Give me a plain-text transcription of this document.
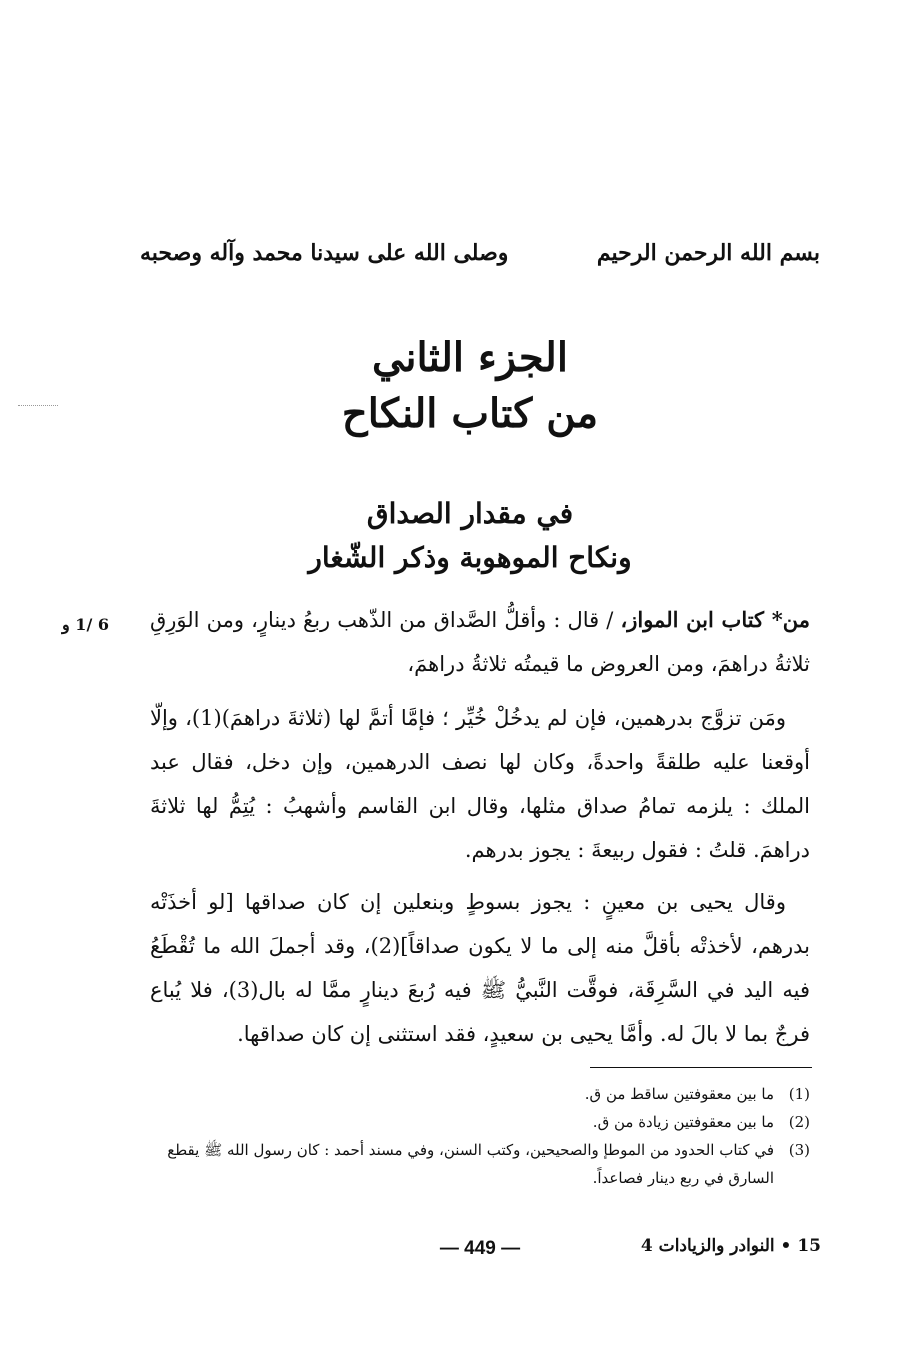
بسم الله الرحمن الرحيم
وصلى الله على سيدنا محمد وآله وصحبه
الجزء الثاني
من كتاب النكاح
في مقدار الصداق
ونكاح الموهوبة وذكر الشّغار
6 /1 و	من* كتاب ابن المواز، / قال : وأقلُّ الصَّداق من الذّهب ربعُ دينارٍ، ومن الوَرِقِ ثلاثةُ دراهمَ، ومن العروض ما قيمتُه ثلاثةُ دراهمَ،
ومَن تزوَّج بدرهمين، فإن لم يدخُلْ خُيِّر ؛ فإمَّا أتمَّ لها (ثلاثةَ دراهمَ)(1)، وإلّا أوقعنا عليه طلقةً واحدةً، وكان لها نصف الدرهمين، وإن دخل، فقال عبد الملك : يلزمه تمامُ صداق مثلها، وقال ابن القاسم وأشهبُ : يُتِمُّ لها ثلاثةَ دراهمَ. قلتُ : فقول ربيعةَ : يجوز بدرهم.
وقال يحيى بن معينٍ : يجوز بسوطٍ وبنعلين إن كان صداقها [لو أخذَتْه بدرهم، لأخذتْه بأقلَّ منه إلى ما لا يكون صداقاً](2)، وقد أجملَ الله ما تُقْطَعُ فيه اليد في السَّرِقَة، فوقَّت النَّبيُّ ﷺ فيه رُبعَ دينارٍ ممَّا له بال(3)، فلا يُباع فرجٌ بما لا بالَ له. وأمَّا يحيى بن سعيدٍ، فقد استثنى إن كان صداقها.
(1)
ما بين معقوفتين ساقط من ق.
(2)
ما بين معقوفتين زيادة من ق.
(3)
في كتاب الحدود من الموطإ والصحيحين، وكتب السنن، وفي مسند أحمد : كان رسول الله ﷺ يقطع السارق في ربع دينار فصاعداً.
— 449 —	15 • النوادر والزيادات 4
